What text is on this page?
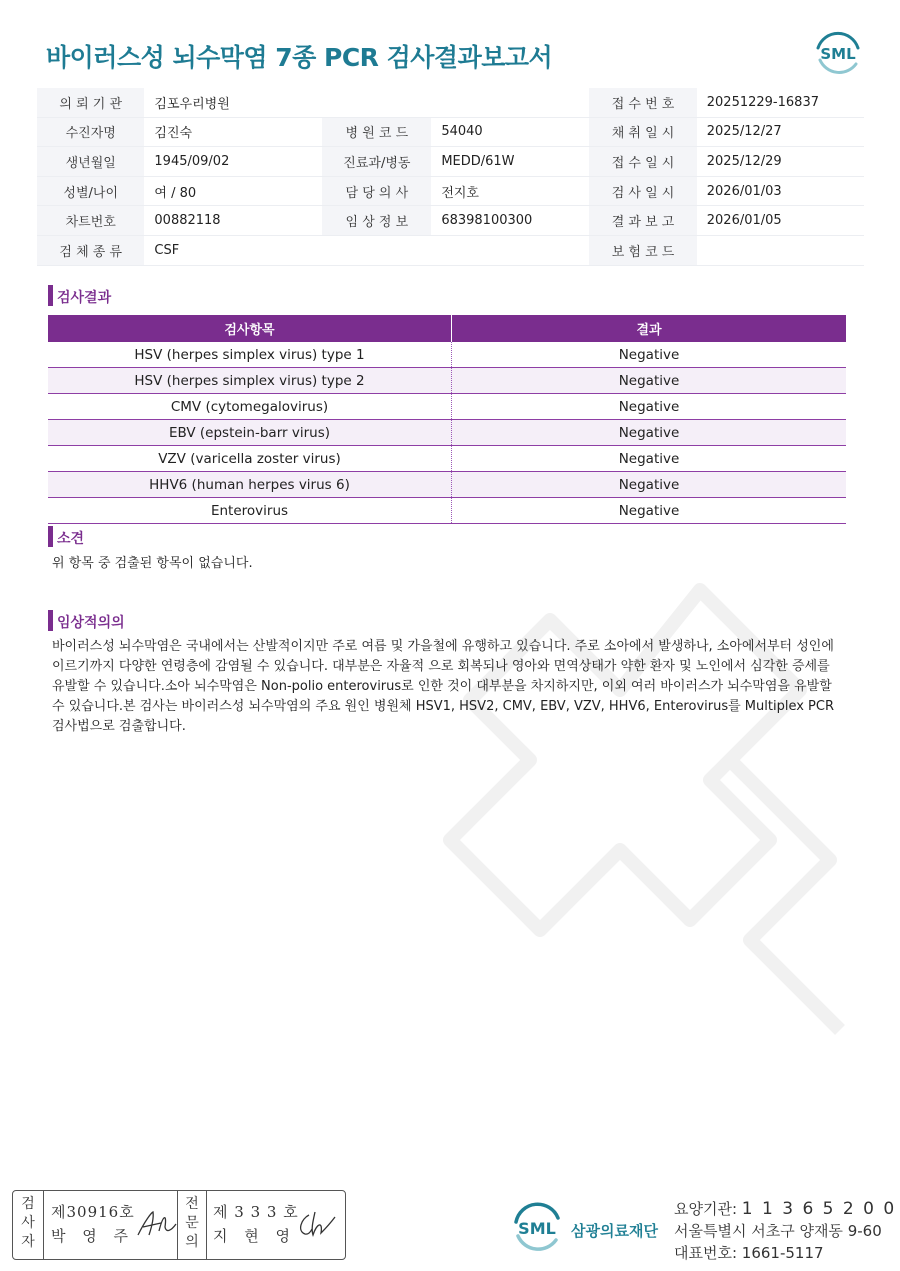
바이러스성 뇌수막염 7종 PCR 검사결과보고서	SML
의 뢰 기 관	김포우리병원			접 수 번 호	20251229-16837
수진자명	김진숙	병 원 코 드	54040	채 취 일 시	2025/12/27
생년월일	1945/09/02	진료과/병동	MEDD/61W	접 수 일 시	2025/12/29
성별/나이	여 / 80	담 당 의 사	전지호	검 사 일 시	2026/01/03
차트번호	00882118	임 상 정 보	68398100300	결 과 보 고	2026/01/05
검 체 종 류	CSF			보 험 코 드	
검사결과
검사항목	결과
HSV (herpes simplex virus) type 1	Negative
HSV (herpes simplex virus) type 2	Negative
CMV (cytomegalovirus)	Negative
EBV (epstein-barr virus)	Negative
VZV (varicella zoster virus)	Negative
HHV6 (human herpes virus 6)	Negative
Enterovirus	Negative
소견

위 항목 중 검출된 항목이 없습니다.

임상적의의
바이러스성 뇌수막염은 국내에서는 산발적이지만 주로 여름 및 가을철에 유행하고 있습니다. 주로 소아에서 발생하나, 소아에서부터 성인에
이르기까지 다양한 연령층에 감염될 수 있습니다. 대부분은 자율적 으로 회복되나 영아와 면역상태가 약한 환자 및 노인에서 심각한 증세를
유발할 수 있습니다.소아 뇌수막염은 Non-polio enterovirus로 인한 것이 대부분을 차지하지만, 이외 여러 바이러스가 뇌수막염을 유발할
수 있습니다.본 검사는 바이러스성 뇌수막염의 주요 원인 병원체 HSV1, HSV2, CMV, EBV, VZV, HHV6, Enterovirus를 Multiplex PCR
검사법으로 검출합니다.
검
사
자
제30916호
박 영 주
전
문
의
제 3 3 3 호
지 현 영	SML 삼광의료재단
요양기관: 1 1 3 6 5 2 0 0
서울특별시 서초구 양재동 9-60
대표번호: 1661-5117
